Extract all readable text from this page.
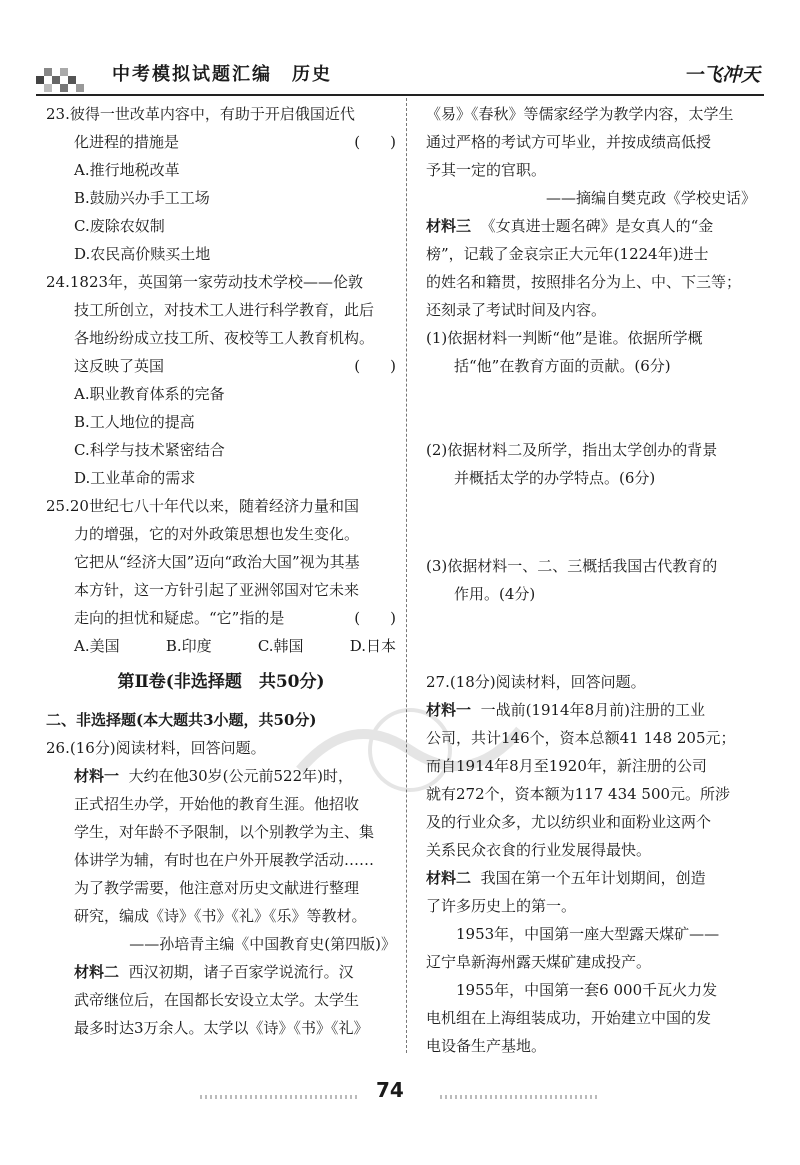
中考模拟试题汇编　历史	一飞冲天
23.彼得一世改革内容中，有助于开启俄国近代
化进程的措施是	(　　)
A.推行地税改革
B.鼓励兴办手工工场
C.废除农奴制
D.农民高价赎买土地
24.1823年，英国第一家劳动技术学校——伦敦
技工所创立，对技术工人进行科学教育，此后
各地纷纷成立技工所、夜校等工人教育机构。
这反映了英国	(　　)
A.职业教育体系的完备
B.工人地位的提高
C.科学与技术紧密结合
D.工业革命的需求
25.20世纪七八十年代以来，随着经济力量和国
力的增强，它的对外政策思想也发生变化。
它把从“经济大国”迈向“政治大国”视为其基
本方针，这一方针引起了亚洲邻国对它未来
走向的担忧和疑虑。“它”指的是	(　　)
A.美国	B.印度	C.韩国	D.日本
第Ⅱ卷(非选择题　共50分)
二、非选择题(本大题共3小题，共50分)
26.(16分)阅读材料，回答问题。
材料一 大约在他30岁(公元前522年)时，
正式招生办学，开始他的教育生涯。他招收
学生，对年龄不予限制，以个别教学为主、集
体讲学为辅，有时也在户外开展教学活动……
为了教学需要，他注意对历史文献进行整理
研究，编成《诗》《书》《礼》《乐》等教材。
——孙培青主编《中国教育史(第四版)》
材料二 西汉初期，诸子百家学说流行。汉
武帝继位后，在国都长安设立太学。太学生
最多时达3万余人。太学以《诗》《书》《礼》
《易》《春秋》等儒家经学为教学内容，太学生
通过严格的考试方可毕业，并按成绩高低授
予其一定的官职。
——摘编自樊克政《学校史话》
材料三 《女真进士题名碑》是女真人的“金
榜”，记载了金哀宗正大元年(1224年)进士
的姓名和籍贯，按照排名分为上、中、下三等；
还刻录了考试时间及内容。
(1)依据材料一判断“他”是谁。依据所学概
括“他”在教育方面的贡献。(6分)
(2)依据材料二及所学，指出太学创办的背景
并概括太学的办学特点。(6分)
(3)依据材料一、二、三概括我国古代教育的
作用。(4分)
27.(18分)阅读材料，回答问题。
材料一 一战前(1914年8月前)注册的工业
公司，共计146个，资本总额41 148 205元；
而自1914年8月至1920年，新注册的公司
就有272个，资本额为117 434 500元。所涉
及的行业众多，尤以纺织业和面粉业这两个
关系民众衣食的行业发展得最快。
材料二 我国在第一个五年计划期间，创造
了许多历史上的第一。
1953年，中国第一座大型露天煤矿——
辽宁阜新海州露天煤矿建成投产。
1955年，中国第一套6 000千瓦火力发
电机组在上海组装成功，开始建立中国的发
电设备生产基地。
74
